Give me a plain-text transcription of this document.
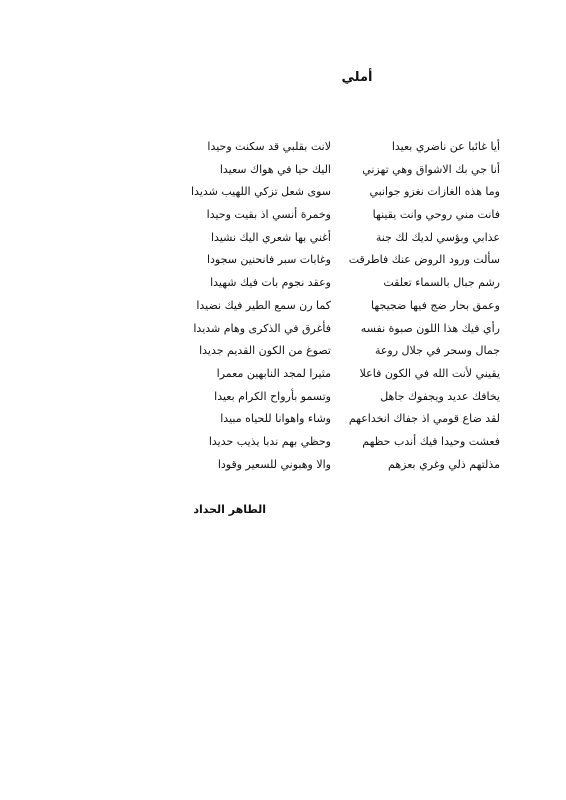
أملي
أيا غائبا عن ناضري بعيدا
لانت بقلبي قد سكنت وحيدا
أنا جي بك الاشواق وهي تهزني
اليك حيا في هواك سعيدا
وما هذه الغازات نغزو جوانبي
سوى شعل تزكي اللهيب شديدا
فانت مني روحي وانت يقينها
وخمرة أنسي اذ بقيت وحيدا
عذابي وبؤسي لديك لك جنة
أغني بها شعري اليك نشيدا
سألت ورود الروض عنك فاطرقت
وغابات سبر فانحنين سجودا
رشم جبال بالسماء تعلقت
وعقد نجوم بات فيك شهيدا
وعمق بحار ضج فيها ضجيجها
كما رن سمع الطير فيك نضيدا
رأي فيك هذا اللون صبوة نفسه
فأغرق في الذكرى وهام شديدا
جمال وسحر في جلال روعة
تصوغ من الكون القديم جديدا
يقيني لأنت الله في الكون فاعلا
مثيرا لمجد النابهين معمرا
يخافك عديد ويجفوك جاهل
وتسمو بأرواح الكرام بعيدا
لقد ضاع قومي اذ جفاك انخداعهم
وشاء واهوانا للحياه مبيدا
فعشت وحيدا فيك أندب حظهم
وحظي بهم ندبا يذيب حديدا
مذلتهم ذلي وغري بعزهم
والا وهبوني للسعير وقودا

الطاهر الحداد
